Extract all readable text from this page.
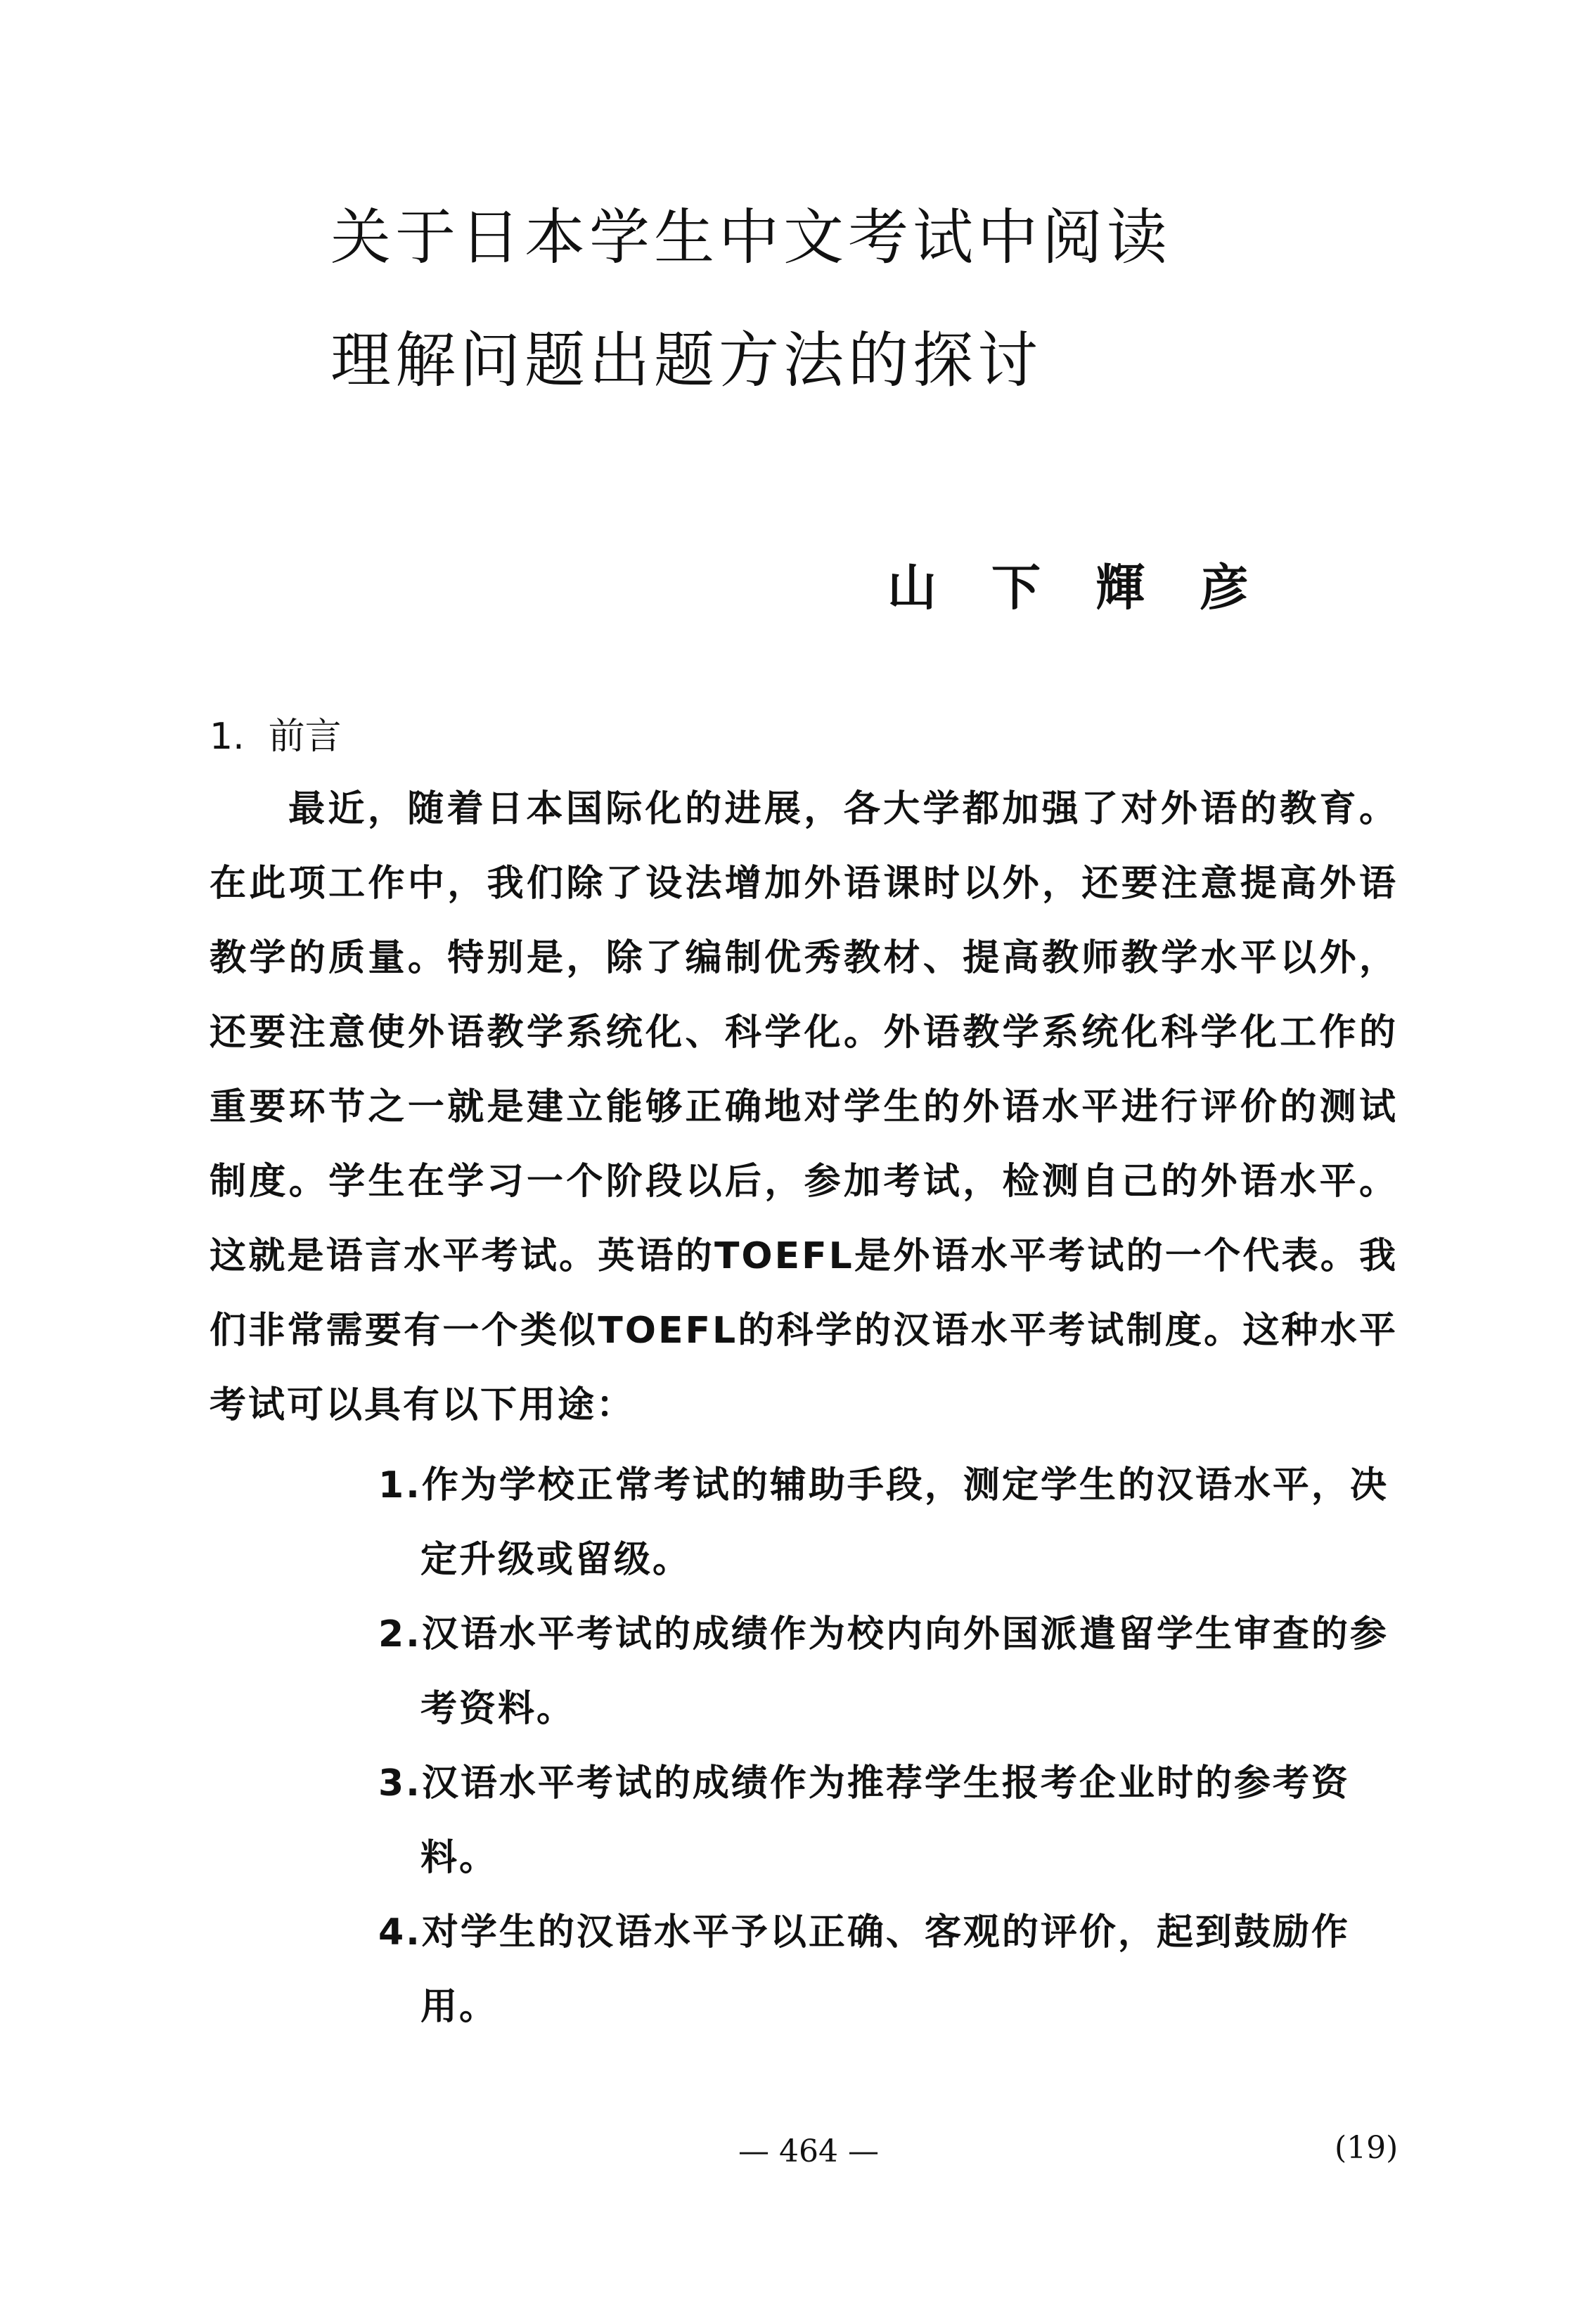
关于日本学生中文考试中阅读
理解问题出题方法的探讨
山下輝彦
1. 前言

最近，随着日本国际化的进展，各大学都加强了对外语的教育。在此项工作中，我们除了设法增加外语课时以外，还要注意提高外语教学的质量。特别是，除了编制优秀教材、提高教师教学水平以外，还要注意使外语教学系统化、科学化。外语教学系统化科学化工作的重要环节之一就是建立能够正确地对学生的外语水平进行评价的测试制度。学生在学习一个阶段以后，参加考试，检测自己的外语水平。这就是语言水平考试。英语的TOEFL是外语水平考试的一个代表。我们非常需要有一个类似TOEFL的科学的汉语水平考试制度。这种水平考试可以具有以下用途：

1.作为学校正常考试的辅助手段，测定学生的汉语水平，决定升级或留级。
2.汉语水平考试的成绩作为校内向外国派遣留学生审查的参考资料。
3.汉语水平考试的成绩作为推荐学生报考企业时的参考资料。
4.对学生的汉语水平予以正确、客观的评价，起到鼓励作用。
— 464 —	(19)
